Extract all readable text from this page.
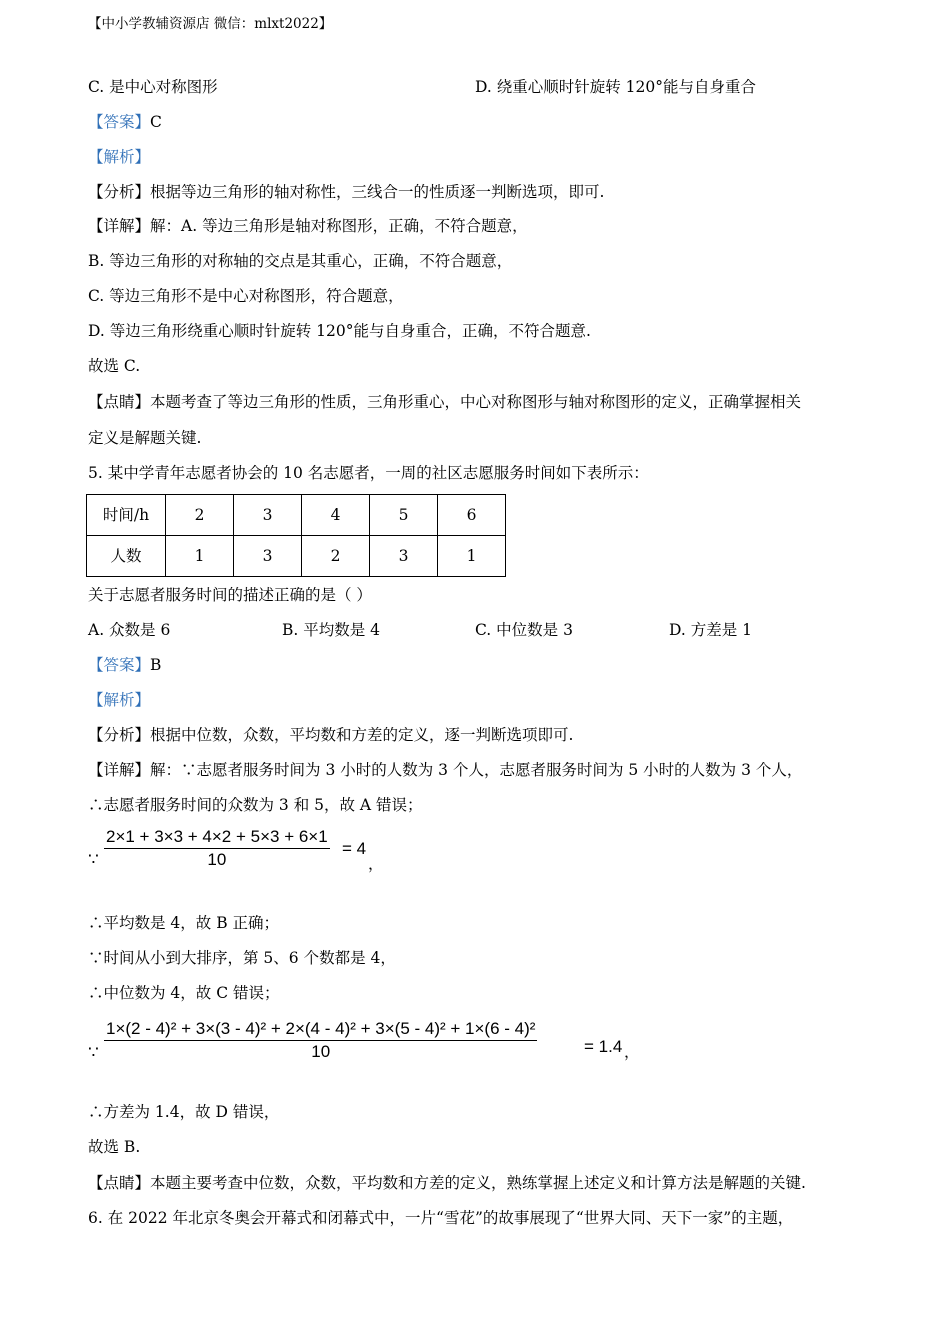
【中小学教辅资源店 微信：mlxt2022】
C. 是中心对称图形	D. 绕重心顺时针旋转 120°能与自身重合
【答案】C
【解析】
【分析】根据等边三角形的轴对称性，三线合一的性质逐一判断选项，即可.
【详解】解：A. 等边三角形是轴对称图形，正确，不符合题意，
B. 等边三角形的对称轴的交点是其重心，正确，不符合题意，
C. 等边三角形不是中心对称图形，符合题意，
D. 等边三角形绕重心顺时针旋转 120°能与自身重合，正确，不符合题意.
故选 C.
【点睛】本题考查了等边三角形的性质，三角形重心，中心对称图形与轴对称图形的定义，正确掌握相关
定义是解题关键.
5. 某中学青年志愿者协会的 10 名志愿者，一周的社区志愿服务时间如下表所示：
时间/h	2	3	4	5	6
人数	1	3	2	3	1
关于志愿者服务时间的描述正确的是（ ）
A. 众数是 6	B. 平均数是 4	C. 中位数是 3	D. 方差是 1
【答案】B
【解析】
【分析】根据中位数，众数，平均数和方差的定义，逐一判断选项即可.
【详解】解：∵志愿者服务时间为 3 小时的人数为 3 个人，志愿者服务时间为 5 小时的人数为 3 个人，
∴志愿者服务时间的众数为 3 和 5，故 A 错误；
∵
2×1 + 3×3 + 4×2 + 5×3 + 6×1
10
= 4
，
∴平均数是 4，故 B 正确；
∵时间从小到大排序，第 5、6 个数都是 4，
∴中位数为 4，故 C 错误；
∵
1×(2 - 4)² + 3×(3 - 4)² + 2×(4 - 4)² + 3×(5 - 4)² + 1×(6 - 4)²
10	= 1.4 ，
∴方差为 1.4，故 D 错误，
故选 B.
【点睛】本题主要考查中位数，众数，平均数和方差的定义，熟练掌握上述定义和计算方法是解题的关键.
6. 在 2022 年北京冬奥会开幕式和闭幕式中，一片“雪花”的故事展现了“世界大同、天下一家”的主题，
